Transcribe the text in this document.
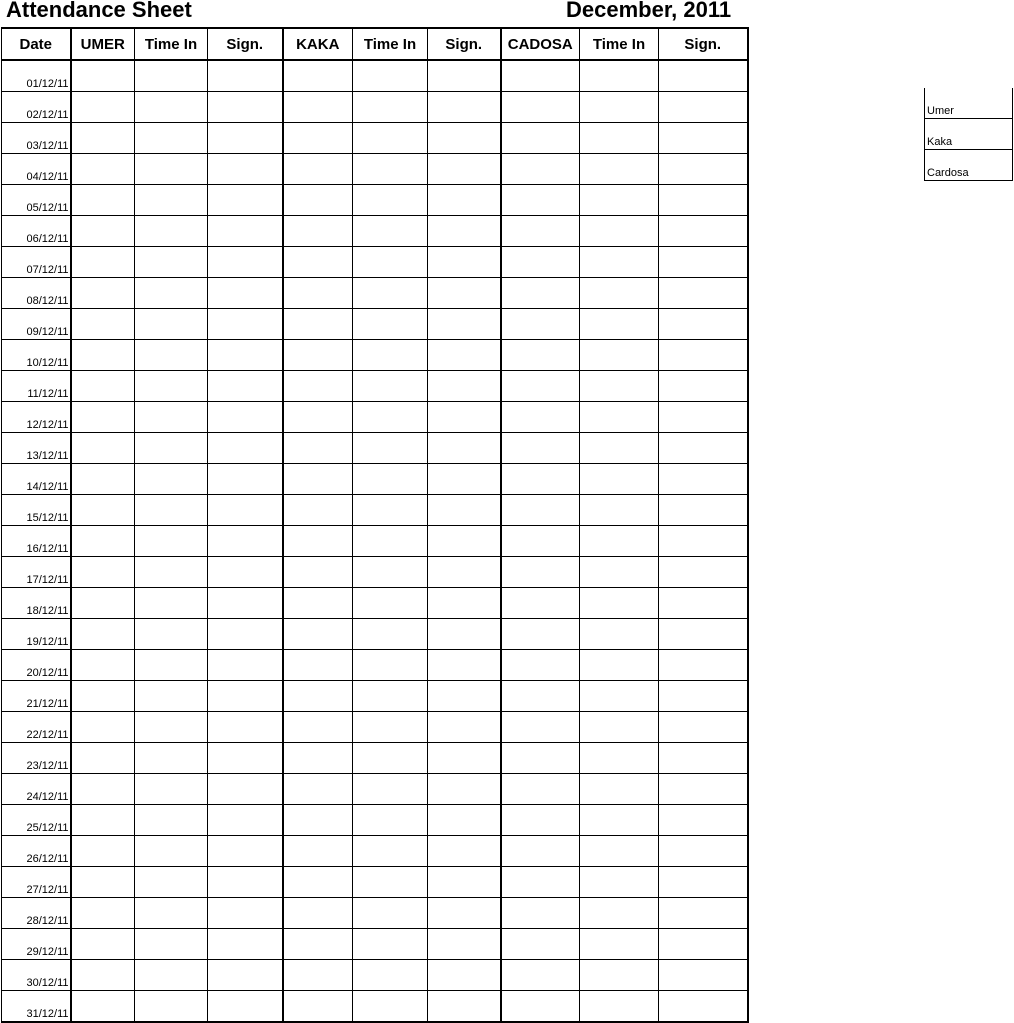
Attendance Sheet	December, 2011
Date	UMER	Time In	Sign.	KAKA	Time In	Sign.	CADOSA	Time In	Sign.
01/12/11									
02/12/11									
03/12/11									
04/12/11									
05/12/11									
06/12/11									
07/12/11									
08/12/11									
09/12/11									
10/12/11									
11/12/11									
12/12/11									
13/12/11									
14/12/11									
15/12/11									
16/12/11									
17/12/11									
18/12/11									
19/12/11									
20/12/11									
21/12/11									
22/12/11									
23/12/11									
24/12/11									
25/12/11									
26/12/11									
27/12/11									
28/12/11									
29/12/11									
30/12/11									
31/12/11									
Umer
Kaka
Cardosa
